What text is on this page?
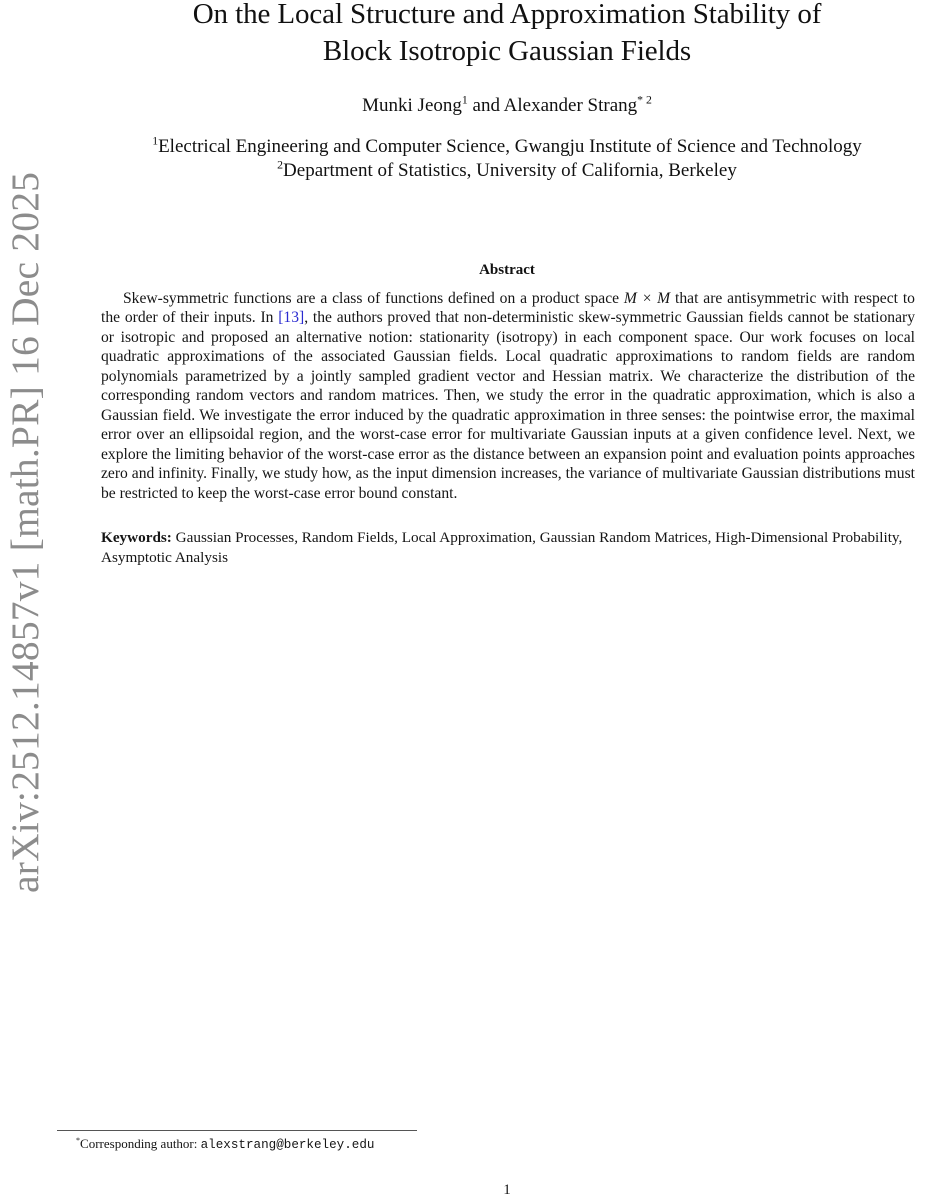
arXiv:2512.14857v1 [math.PR] 16 Dec 2025
On the Local Structure and Approximation Stability of
Block Isotropic Gaussian Fields
Munki Jeong$^1$ and Alexander Strang$^{* 2}$
$^1$Electrical Engineering and Computer Science, Gwangju Institute of Science and Technology
$^2$Department of Statistics, University of California, Berkeley
Abstract
Skew-symmetric functions are a class of functions defined on a product space M × M that are antisymmetric with respect to the order of their inputs. In [13], the authors proved that non-deterministic skew-symmetric Gaussian fields cannot be stationary or isotropic and proposed an alternative notion: stationarity (isotropy) in each component space. Our work focuses on local quadratic approximations of the associated Gaussian fields. Local quadratic approximations to random fields are random polynomials parametrized by a jointly sampled gradient vector and Hessian matrix. We characterize the distribution of the corresponding random vectors and random matrices. Then, we study the error in the quadratic approximation, which is also a Gaussian field. We investigate the error induced by the quadratic approximation in three senses: the pointwise error, the maximal error over an ellipsoidal region, and the worst-case error for multivariate Gaussian inputs at a given confidence level. Next, we explore the limiting behavior of the worst-case error as the distance between an expansion point and evaluation points approaches zero and infinity. Finally, we study how, as the input dimension increases, the variance of multivariate Gaussian distributions must be restricted to keep the worst-case error bound constant.
Keywords: Gaussian Processes, Random Fields, Local Approximation, Gaussian Random Matrices, High-Dimensional Probability, Asymptotic Analysis
*Corresponding author: alexstrang@berkeley.edu
1
